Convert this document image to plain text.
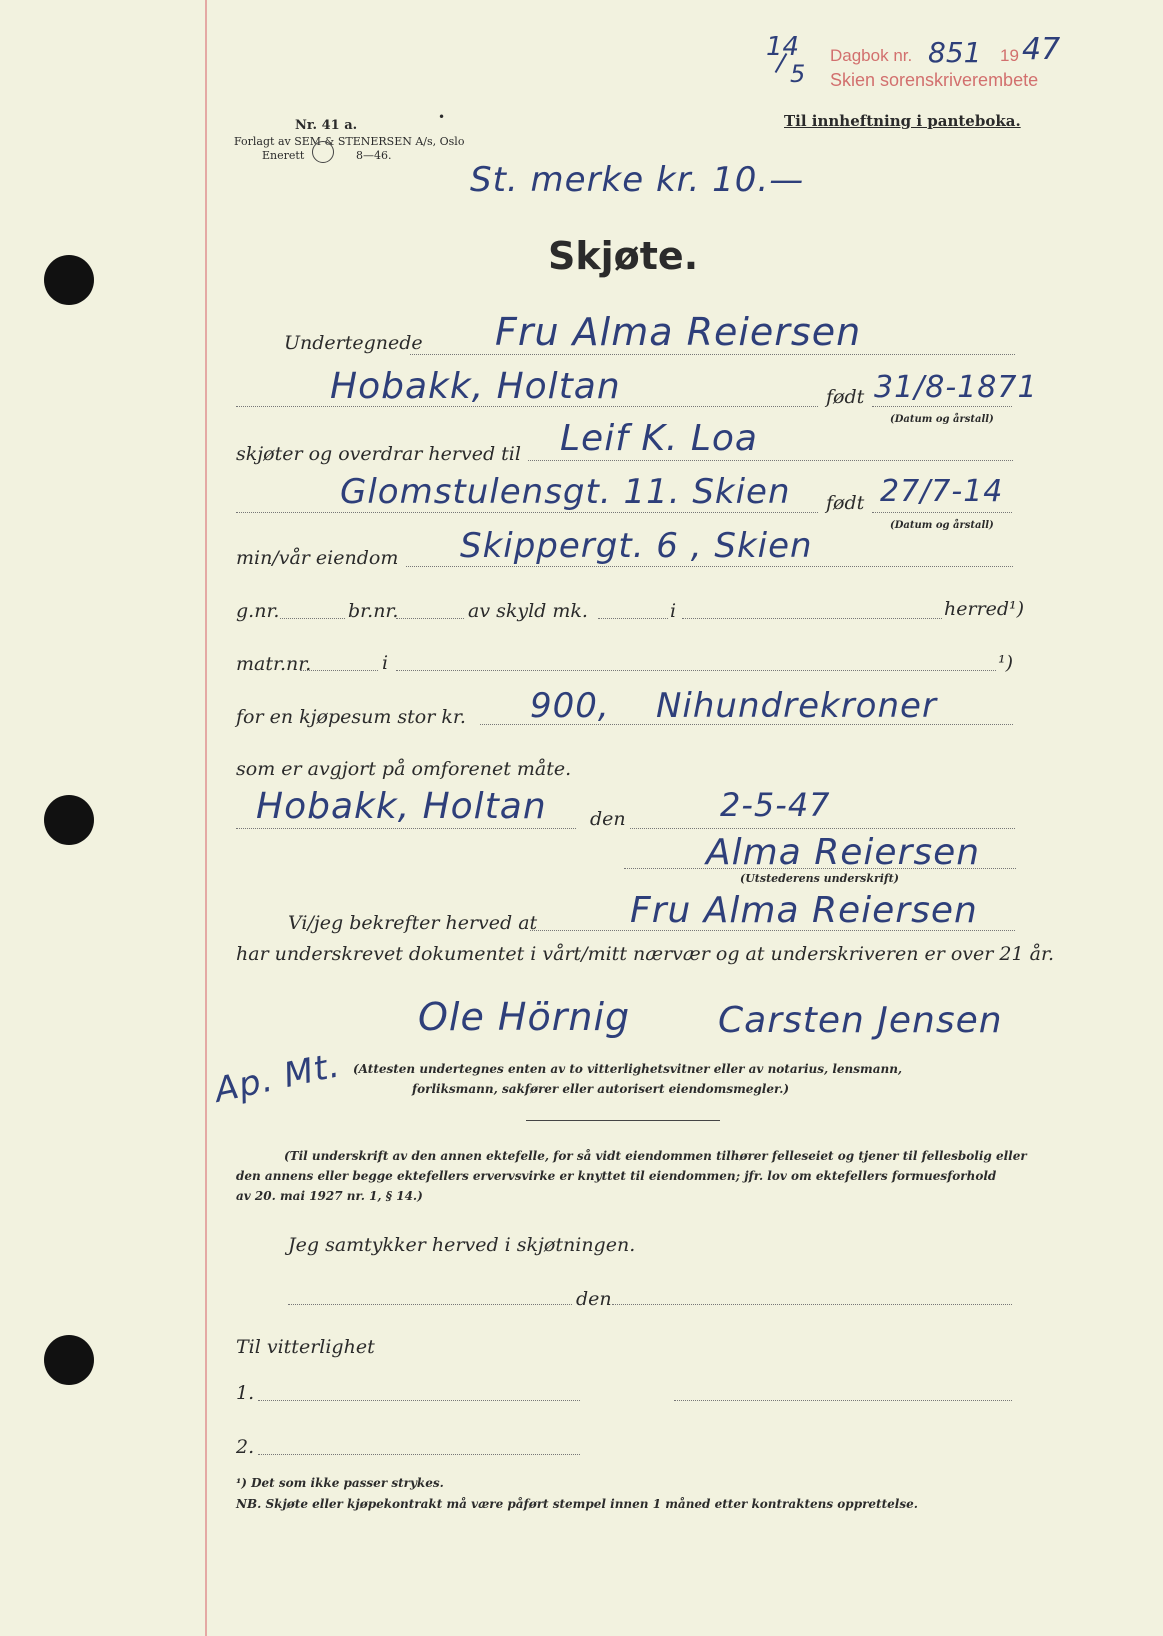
Nr. 41 a.
•
Forlagt av SEM & STENERSEN A/s, Oslo
Enerett	8—46.
14
5
Dagbok nr. 851 19 47
Skien sorenskriverembete
Til innheftning i panteboka.
St. merke kr. 10.—
Skjøte.
Undertegnede Fru Alma Reiersen
Hobakk, Holtan	født 31/8-1871
(Datum og årstall)
skjøter og overdrar herved til Leif K. Loa
Glomstulensgt. 11. Skien født 27/7-14
(Datum og årstall)
min/vår eiendom Skippergt. 6 , Skien
g.nr.	br.nr.	av skyld mk.	i	herred¹)
matr.nr.	i	¹)
for en kjøpesum stor kr. 900, Nihundrekroner
som er avgjort på omforenet måte.
Hobakk, Holtan den	2-5-47
Alma Reiersen
(Utstederens underskrift)
Vi/jeg bekrefter herved at	Fru Alma Reiersen
har underskrevet dokumentet i vårt/mitt nærvær og at underskriveren er over 21 år.
Ole Hörnig Carsten Jensen
Ap. Mt. (Attesten undertegnes enten av to vitterlighetsvitner eller av notarius, lensmann,
forliksmann, sakfører eller autorisert eiendomsmegler.)
(Til underskrift av den annen ektefelle, for så vidt eiendommen tilhører felleseiet og tjener til fellesbolig eller
den annens eller begge ektefellers ervervsvirke er knyttet til eiendommen; jfr. lov om ektefellers formuesforhold
av 20. mai 1927 nr. 1, § 14.)
Jeg samtykker herved i skjøtningen.
den
Til vitterlighet
1.
2.
¹) Det som ikke passer strykes.
NB. Skjøte eller kjøpekontrakt må være påført stempel innen 1 måned etter kontraktens opprettelse.
